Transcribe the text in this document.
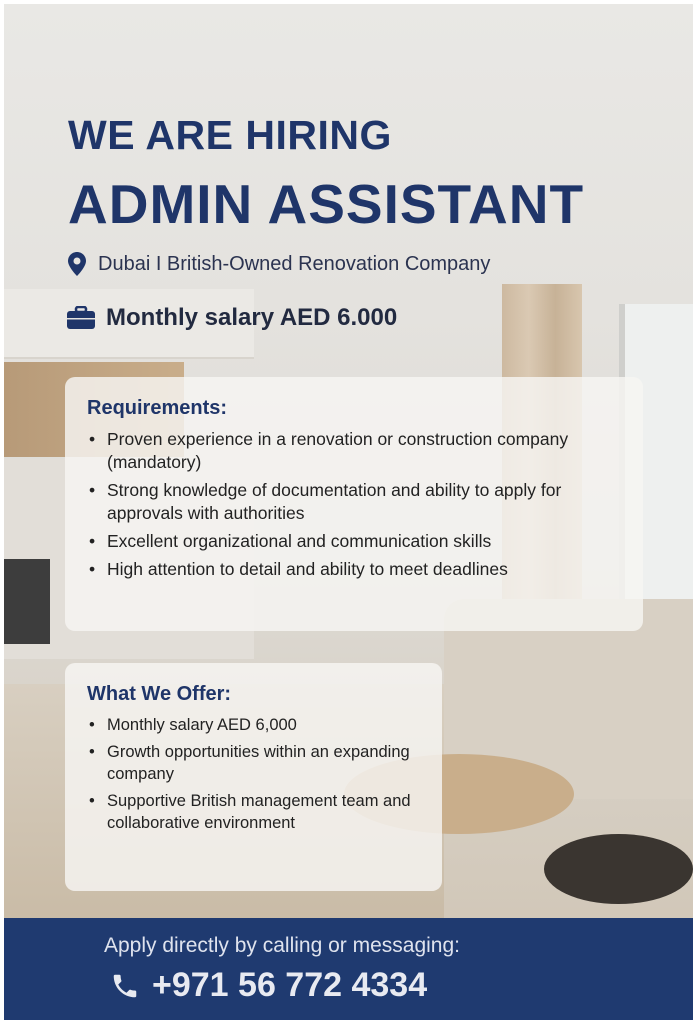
WE ARE HIRING
ADMIN ASSISTANT
Dubai I British-Owned Renovation Company
Monthly salary AED 6.000
Requirements:
• Proven experience in a renovation or construction company (mandatory)
• Strong knowledge of documentation and ability to apply for approvals with authorities
• Excellent organizational and communication skills
• High attention to detail and ability to meet deadlines
What We Offer:
• Monthly salary AED 6,000
• Growth opportunities within an expanding company
• Supportive British management team and collaborative environment
Apply directly by calling or messaging:
+971 56 772 4334
